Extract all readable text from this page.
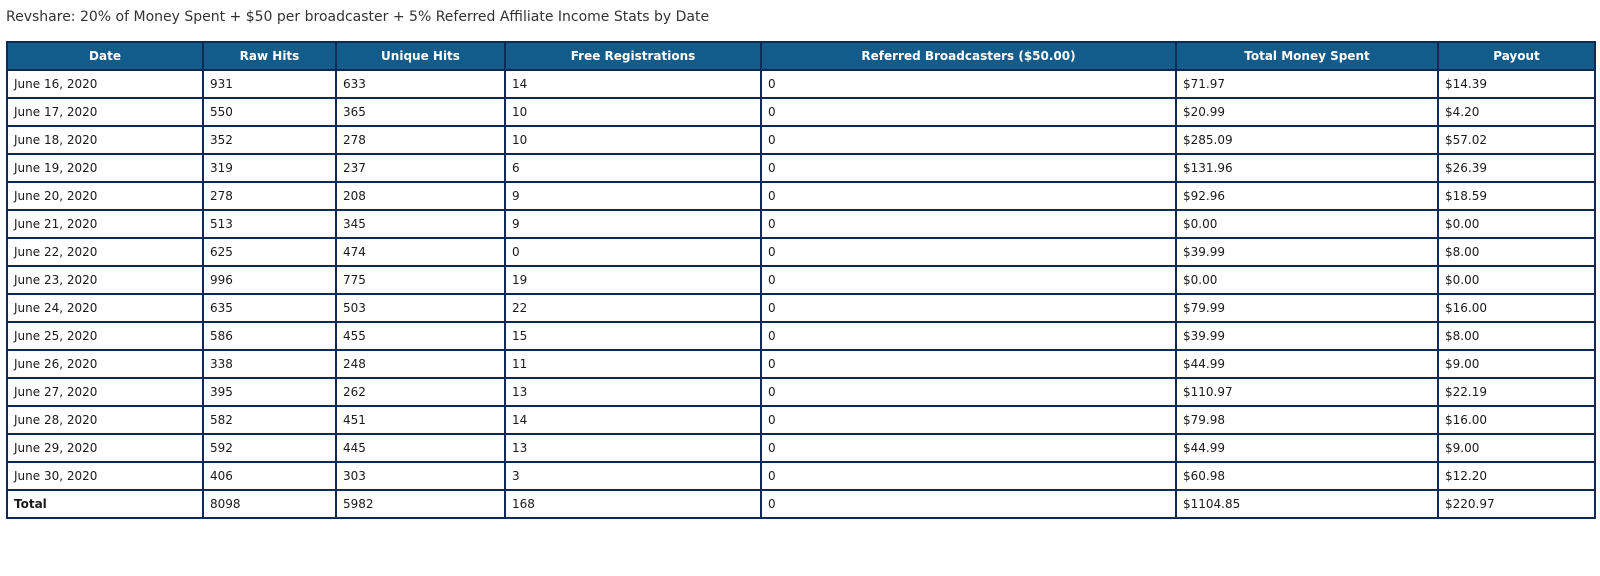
Revshare: 20% of Money Spent + $50 per broadcaster + 5% Referred Affiliate Income Stats by Date
Date	Raw Hits	Unique Hits	Free Registrations	Referred Broadcasters ($50.00)	Total Money Spent	Payout
June 16, 2020	931	633	14	0	$71.97	$14.39
June 17, 2020	550	365	10	0	$20.99	$4.20
June 18, 2020	352	278	10	0	$285.09	$57.02
June 19, 2020	319	237	6	0	$131.96	$26.39
June 20, 2020	278	208	9	0	$92.96	$18.59
June 21, 2020	513	345	9	0	$0.00	$0.00
June 22, 2020	625	474	0	0	$39.99	$8.00
June 23, 2020	996	775	19	0	$0.00	$0.00
June 24, 2020	635	503	22	0	$79.99	$16.00
June 25, 2020	586	455	15	0	$39.99	$8.00
June 26, 2020	338	248	11	0	$44.99	$9.00
June 27, 2020	395	262	13	0	$110.97	$22.19
June 28, 2020	582	451	14	0	$79.98	$16.00
June 29, 2020	592	445	13	0	$44.99	$9.00
June 30, 2020	406	303	3	0	$60.98	$12.20
Total	8098	5982	168	0	$1104.85	$220.97
